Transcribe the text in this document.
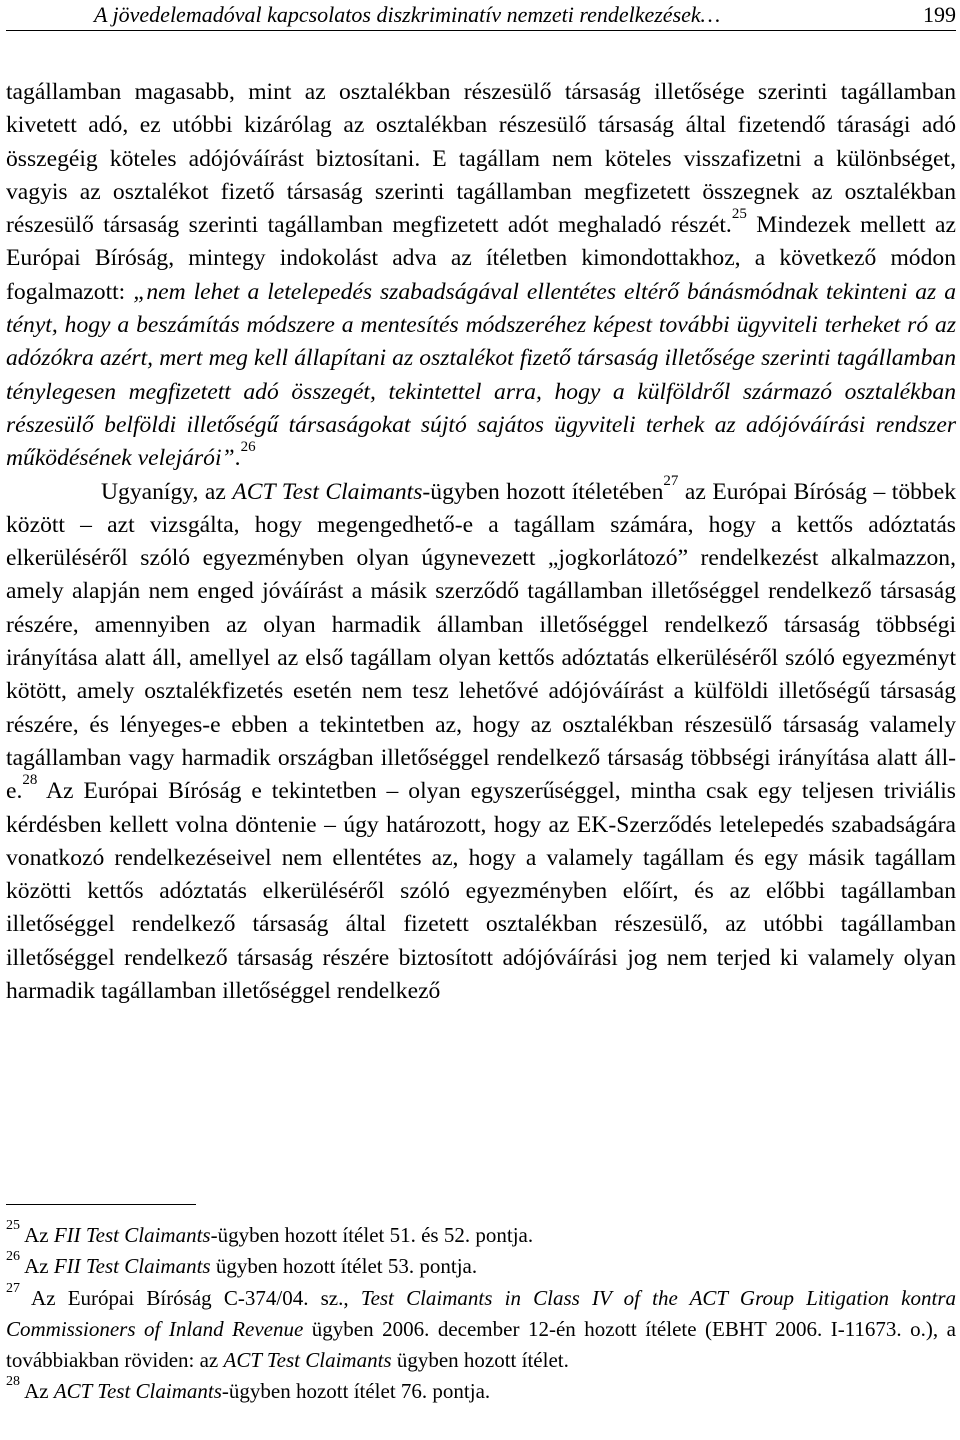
A jövedelemadóval kapcsolatos diszkriminatív nemzeti rendelkezések…	199

tagállamban magasabb, mint az osztalékban részesülő társaság illetősége szerinti tagállamban kivetett adó, ez utóbbi kizárólag az osztalékban részesülő társaság által fizetendő tárasági adó összegéig köteles adójóváírást biztosítani. E tagállam nem köteles visszafizetni a különbséget, vagyis az osztalékot fizető társaság szerinti tagállamban megfizetett összegnek az osztalékban részesülő társaság szerinti tagállamban megfizetett adót meghaladó részét.$^{25}$ Mindezek mellett az Európai Bíróság, mintegy indokolást adva az ítéletben kimondottakhoz, a következő módon fogalmazott: „nem lehet a letelepedés szabadságával ellentétes eltérő bánásmódnak tekinteni az a tényt, hogy a beszámítás módszere a mentesítés módszeréhez képest további ügyviteli terheket ró az adózókra azért, mert meg kell állapítani az osztalékot fizető társaság illetősége szerinti tagállamban ténylegesen megfizetett adó összegét, tekintettel arra, hogy a külföldről származó osztalékban részesülő belföldi illetőségű társaságokat sújtó sajátos ügyviteli terhek az adójóváírási rendszer működésének velejárói”.$^{26}$

Ugyanígy, az ACT Test Claimants-ügyben hozott ítéletében$^{27}$ az Európai Bíróság – többek között – azt vizsgálta, hogy megengedhető-e a tagállam számára, hogy a kettős adóztatás elkerüléséről szóló egyezményben olyan úgynevezett „jogkorlátozó” rendelkezést alkalmazzon, amely alapján nem enged jóváírást a másik szerződő tagállamban illetőséggel rendelkező társaság részére, amennyiben az olyan harmadik államban illetőséggel rendelkező társaság többségi irányítása alatt áll, amellyel az első tagállam olyan kettős adóztatás elkerüléséről szóló egyezményt kötött, amely osztalékfizetés esetén nem tesz lehetővé adójóváírást a külföldi illetőségű társaság részére, és lényeges-e ebben a tekintetben az, hogy az osztalékban részesülő társaság valamely tagállamban vagy harmadik országban illetőséggel rendelkező társaság többségi irányítása alatt áll-e.$^{28}$ Az Európai Bíróság e tekintetben – olyan egyszerűséggel, mintha csak egy teljesen triviális kérdésben kellett volna döntenie – úgy határozott, hogy az EK-Szerződés letelepedés szabadságára vonatkozó rendelkezéseivel nem ellentétes az, hogy a valamely tagállam és egy másik tagállam közötti kettős adóztatás elkerüléséről szóló egyezményben előírt, és az előbbi tagállamban illetőséggel rendelkező társaság által fizetett osztalékban részesülő, az utóbbi tagállamban illetőséggel rendelkező társaság részére biztosított adójóváírási jog nem terjed ki valamely olyan harmadik tagállamban illetőséggel rendelkező

$^{25}$ Az FII Test Claimants-ügyben hozott ítélet 51. és 52. pontja.

$^{26}$ Az FII Test Claimants ügyben hozott ítélet 53. pontja.

$^{27}$ Az Európai Bíróság C-374/04. sz., Test Claimants in Class IV of the ACT Group Litigation kontra Commissioners of Inland Revenue ügyben 2006. december 12-én hozott ítélete (EBHT 2006. I-11673. o.), a továbbiakban röviden: az ACT Test Claimants ügyben hozott ítélet.

$^{28}$ Az ACT Test Claimants-ügyben hozott ítélet 76. pontja.
